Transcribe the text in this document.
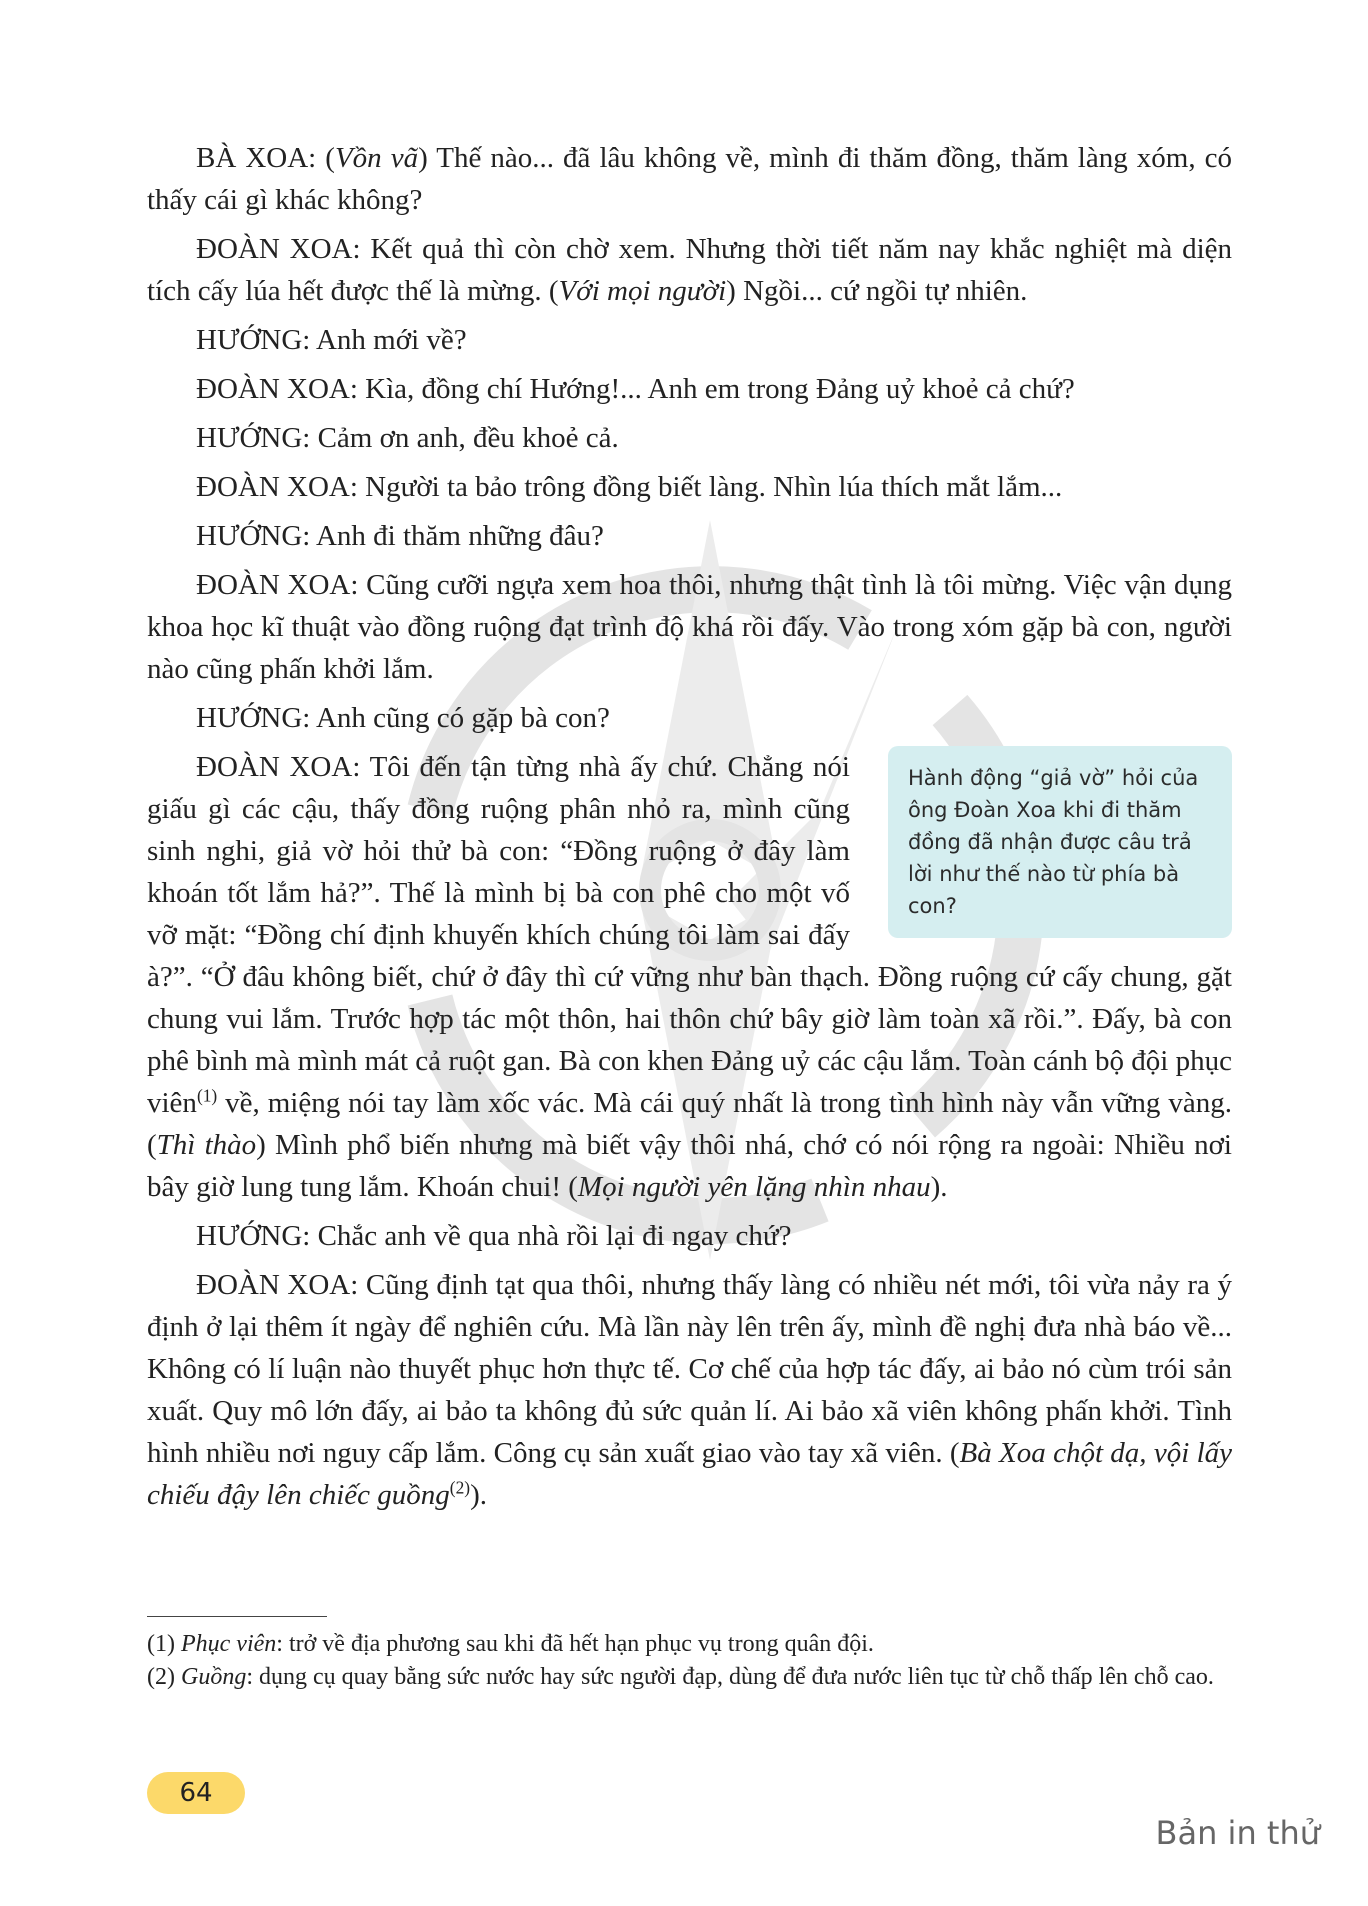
BÀ XOA: (Vồn vã) Thế nào... đã lâu không về, mình đi thăm đồng, thăm làng xóm, có thấy cái gì khác không?

ĐOÀN XOA: Kết quả thì còn chờ xem. Nhưng thời tiết năm nay khắc nghiệt mà diện tích cấy lúa hết được thế là mừng. (Với mọi người) Ngồi... cứ ngồi tự nhiên.

HƯỚNG: Anh mới về?

ĐOÀN XOA: Kìa, đồng chí Hướng!... Anh em trong Đảng uỷ khoẻ cả chứ?

HƯỚNG: Cảm ơn anh, đều khoẻ cả.

ĐOÀN XOA: Người ta bảo trông đồng biết làng. Nhìn lúa thích mắt lắm...

HƯỚNG: Anh đi thăm những đâu?

ĐOÀN XOA: Cũng cưỡi ngựa xem hoa thôi, nhưng thật tình là tôi mừng. Việc vận dụng khoa học kĩ thuật vào đồng ruộng đạt trình độ khá rồi đấy. Vào trong xóm gặp bà con, người nào cũng phấn khởi lắm.

HƯỚNG: Anh cũng có gặp bà con?

Hành động “giả vờ” hỏi của ông Đoàn Xoa khi đi thăm đồng đã nhận được câu trả lời như thế nào từ phía bà con?

ĐOÀN XOA: Tôi đến tận từng nhà ấy chứ. Chẳng nói giấu gì các cậu, thấy đồng ruộng phân nhỏ ra, mình cũng sinh nghi, giả vờ hỏi thử bà con: “Đồng ruộng ở đây làm khoán tốt lắm hả?”. Thế là mình bị bà con phê cho một vố vỡ mặt: “Đồng chí định khuyến khích chúng tôi làm sai đấy à?”. “Ở đâu không biết, chứ ở đây thì cứ vững như bàn thạch. Đồng ruộng cứ cấy chung, gặt chung vui lắm. Trước hợp tác một thôn, hai thôn chứ bây giờ làm toàn xã rồi.”. Đấy, bà con phê bình mà mình mát cả ruột gan. Bà con khen Đảng uỷ các cậu lắm. Toàn cánh bộ đội phục viên$^{(1)}$ về, miệng nói tay làm xốc vác. Mà cái quý nhất là trong tình hình này vẫn vững vàng. (Thì thào) Mình phổ biến nhưng mà biết vậy thôi nhá, chớ có nói rộng ra ngoài: Nhiều nơi bây giờ lung tung lắm. Khoán chui! (Mọi người yên lặng nhìn nhau).

HƯỚNG: Chắc anh về qua nhà rồi lại đi ngay chứ?

ĐOÀN XOA: Cũng định tạt qua thôi, nhưng thấy làng có nhiều nét mới, tôi vừa nảy ra ý định ở lại thêm ít ngày để nghiên cứu. Mà lần này lên trên ấy, mình đề nghị đưa nhà báo về... Không có lí luận nào thuyết phục hơn thực tế. Cơ chế của hợp tác đấy, ai bảo nó cùm trói sản xuất. Quy mô lớn đấy, ai bảo ta không đủ sức quản lí. Ai bảo xã viên không phấn khởi. Tình hình nhiều nơi nguy cấp lắm. Công cụ sản xuất giao vào tay xã viên. (Bà Xoa chột dạ, vội lấy chiếu đậy lên chiếc guồng$^{(2)}$).

(1) Phục viên: trở về địa phương sau khi đã hết hạn phục vụ trong quân đội.
(2) Guồng: dụng cụ quay bằng sức nước hay sức người đạp, dùng để đưa nước liên tục từ chỗ thấp lên chỗ cao.
64
Bản in thử
